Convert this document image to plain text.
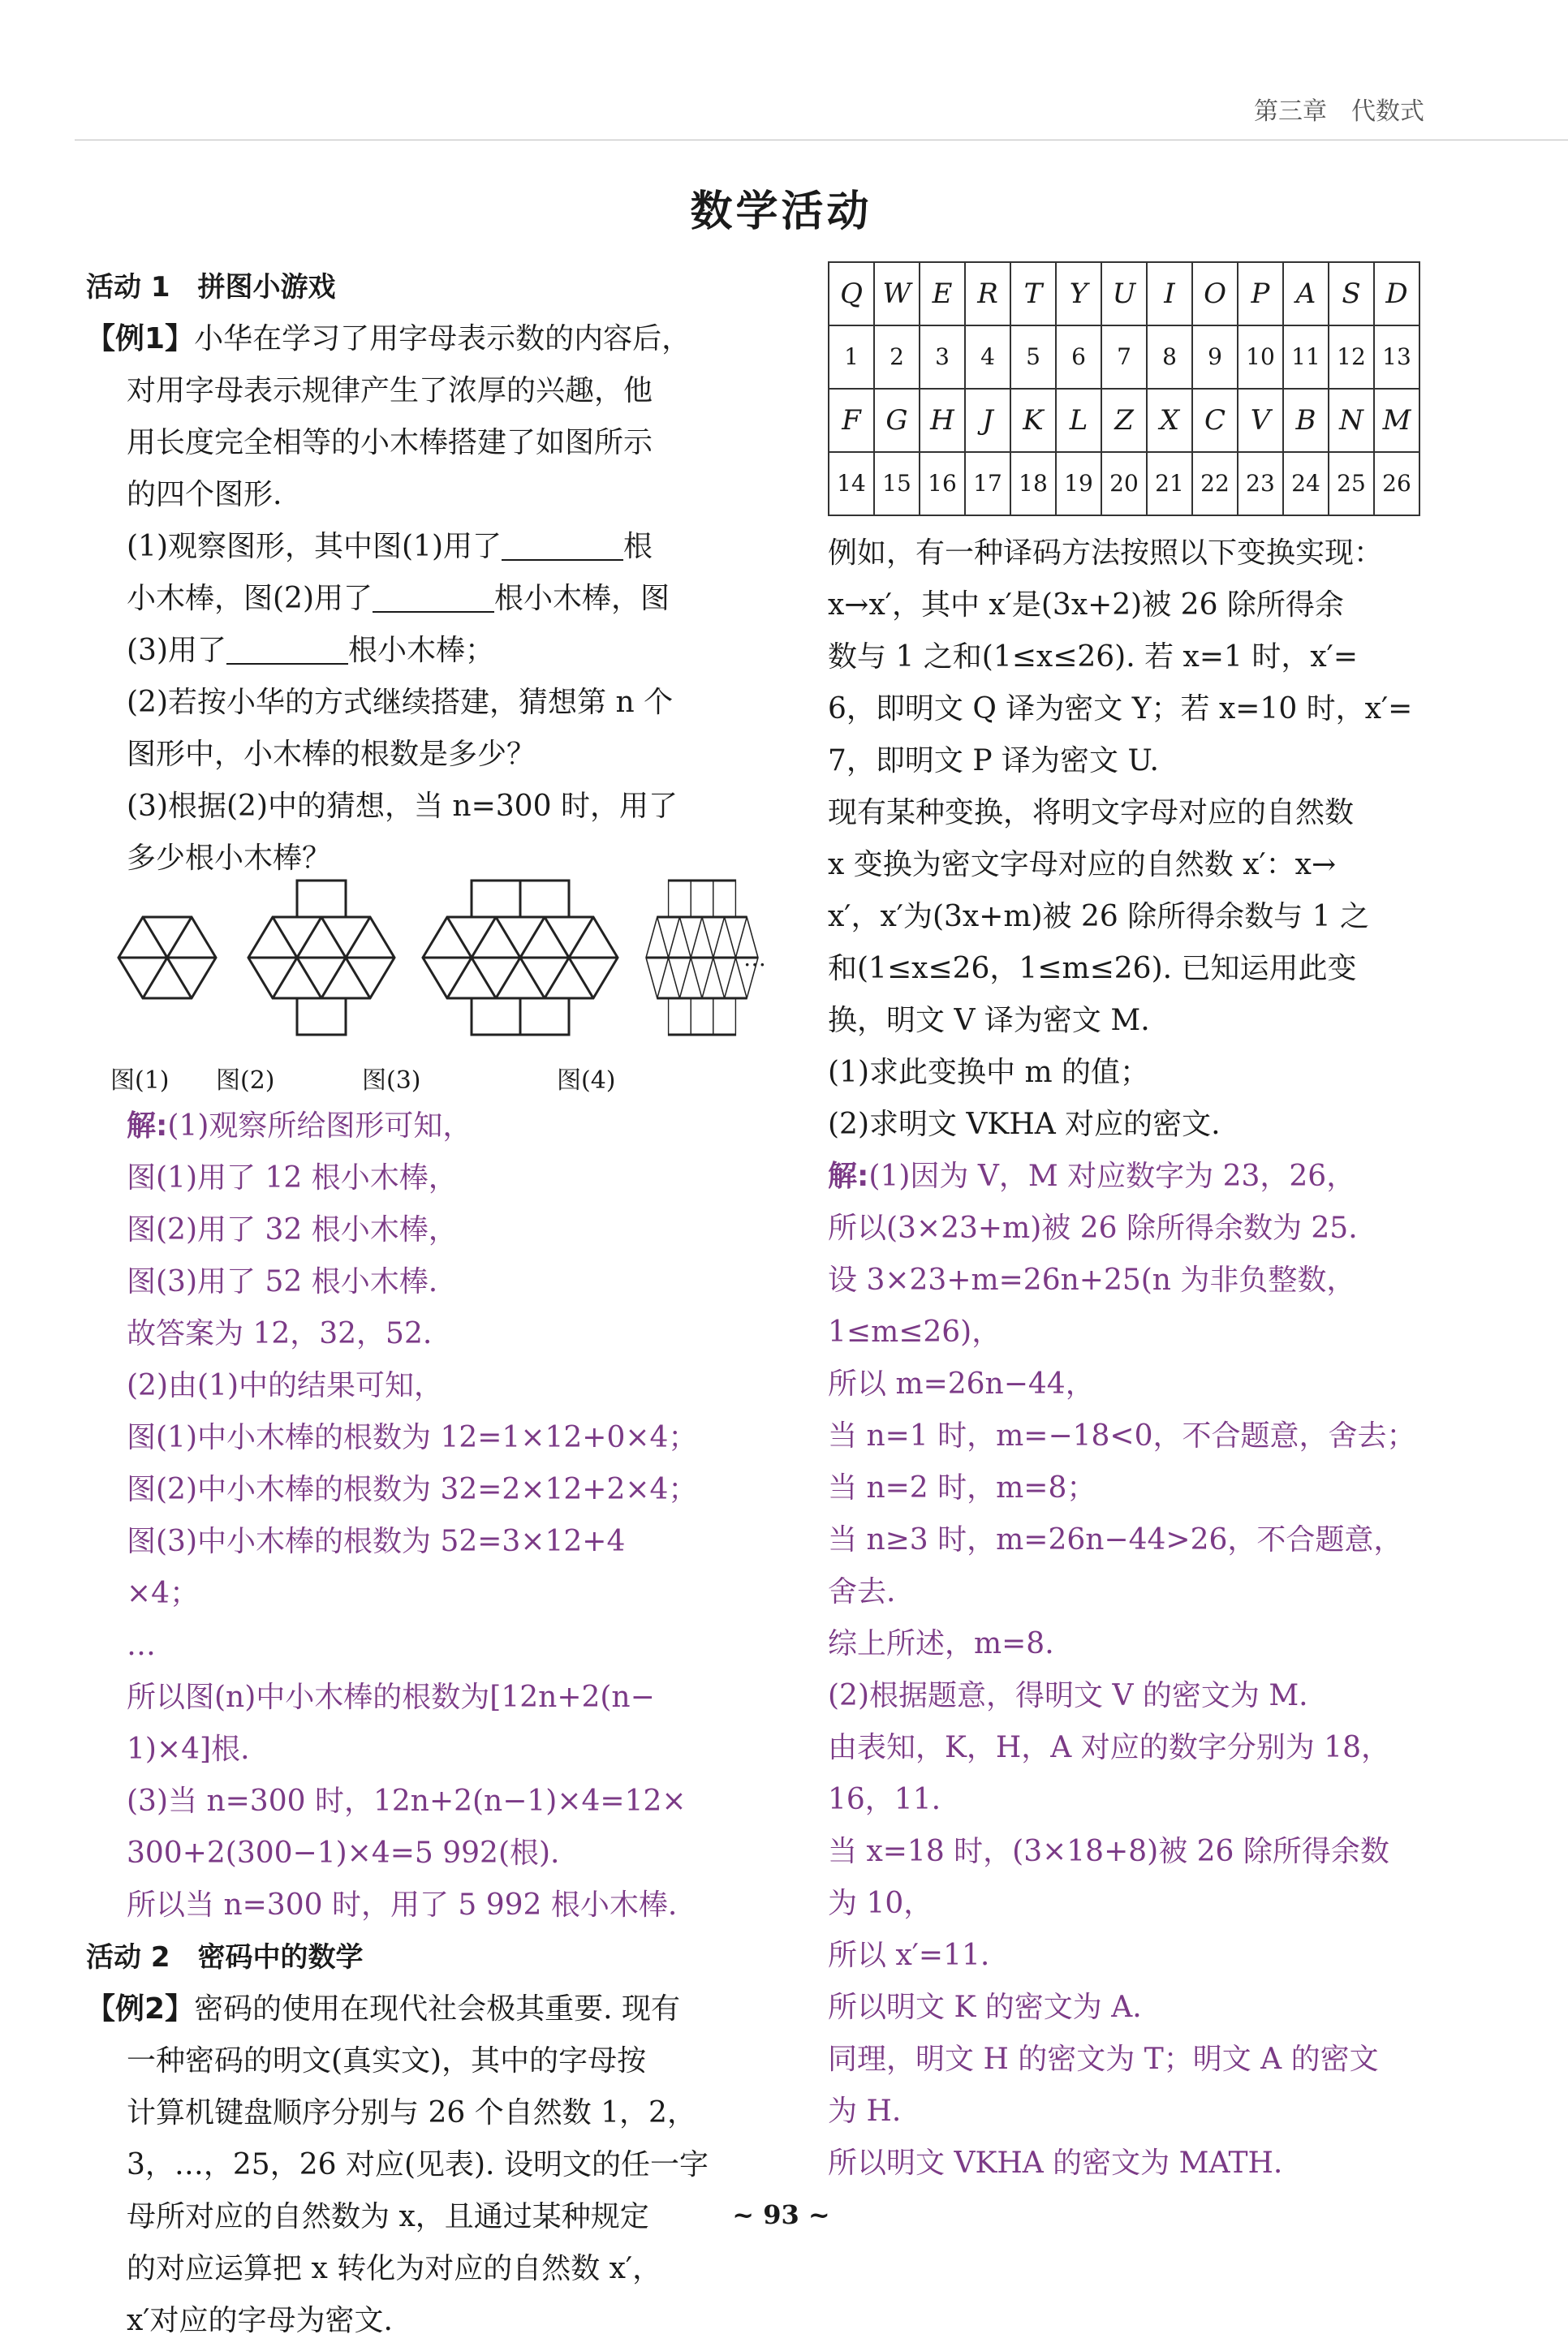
第三章　代数式
数学活动

活动 1　拼图小游戏

【例1】小华在学习了用字母表示数的内容后，

对用字母表示规律产生了浓厚的兴趣，他

用长度完全相等的小木棒搭建了如图所示

的四个图形.

(1)观察图形，其中图(1)用了	根

小木棒，图(2)用了	根小木棒，图

(3)用了	根小木棒；

(2)若按小华的方式继续搭建，猜想第 n 个

图形中，小木棒的根数是多少？

(3)根据(2)中的猜想，当 n=300 时，用了

多少根小木棒？

…
图(1) 图(2)	图(3)	图(4)

解:(1)观察所给图形可知，

图(1)用了 12 根小木棒，

图(2)用了 32 根小木棒，

图(3)用了 52 根小木棒.

故答案为 12，32，52.

(2)由(1)中的结果可知，

图(1)中小木棒的根数为 12=1×12+0×4；

图(2)中小木棒的根数为 32=2×12+2×4；

图(3)中小木棒的根数为 52=3×12+4

×4；

…

所以图(n)中小木棒的根数为[12n+2(n−

1)×4]根.

(3)当 n=300 时，12n+2(n−1)×4=12×

300+2(300−1)×4=5 992(根).

所以当 n=300 时，用了 5 992 根小木棒.

活动 2　密码中的数学

【例2】密码的使用在现代社会极其重要. 现有

一种密码的明文(真实文)，其中的字母按

计算机键盘顺序分别与 26 个自然数 1，2，

3，…，25，26 对应(见表). 设明文的任一字

母所对应的自然数为 x，且通过某种规定

的对应运算把 x 转化为对应的自然数 x′，

x′对应的字母为密文.

Q	W	E	R	T	Y	U	I	O	P	A	S	D
1	2	3	4	5	6	7	8	9	10	11	12	13
F	G	H	J	K	L	Z	X	C	V	B	N	M
14	15	16	17	18	19	20	21	22	23	24	25	26

例如，有一种译码方法按照以下变换实现：

x→x′，其中 x′是(3x+2)被 26 除所得余

数与 1 之和(1≤x≤26). 若 x=1 时，x′=

6，即明文 Q 译为密文 Y；若 x=10 时，x′=

7，即明文 P 译为密文 U.

现有某种变换，将明文字母对应的自然数

x 变换为密文字母对应的自然数 x′：x→

x′，x′为(3x+m)被 26 除所得余数与 1 之

和(1≤x≤26，1≤m≤26). 已知运用此变

换，明文 V 译为密文 M.

(1)求此变换中 m 的值；

(2)求明文 VKHA 对应的密文.

解:(1)因为 V，M 对应数字为 23，26，

所以(3×23+m)被 26 除所得余数为 25.

设 3×23+m=26n+25(n 为非负整数，

1≤m≤26)，

所以 m=26n−44，

当 n=1 时，m=−18<0，不合题意，舍去；

当 n=2 时，m=8；

当 n≥3 时，m=26n−44>26，不合题意，

舍去.

综上所述，m=8.

(2)根据题意，得明文 V 的密文为 M.

由表知，K，H，A 对应的数字分别为 18，

16，11.

当 x=18 时，(3×18+8)被 26 除所得余数

为 10，

所以 x′=11.

所以明文 K 的密文为 A.

同理，明文 H 的密文为 T；明文 A 的密文

为 H.

所以明文 VKHA 的密文为 MATH.

~ 93 ~
